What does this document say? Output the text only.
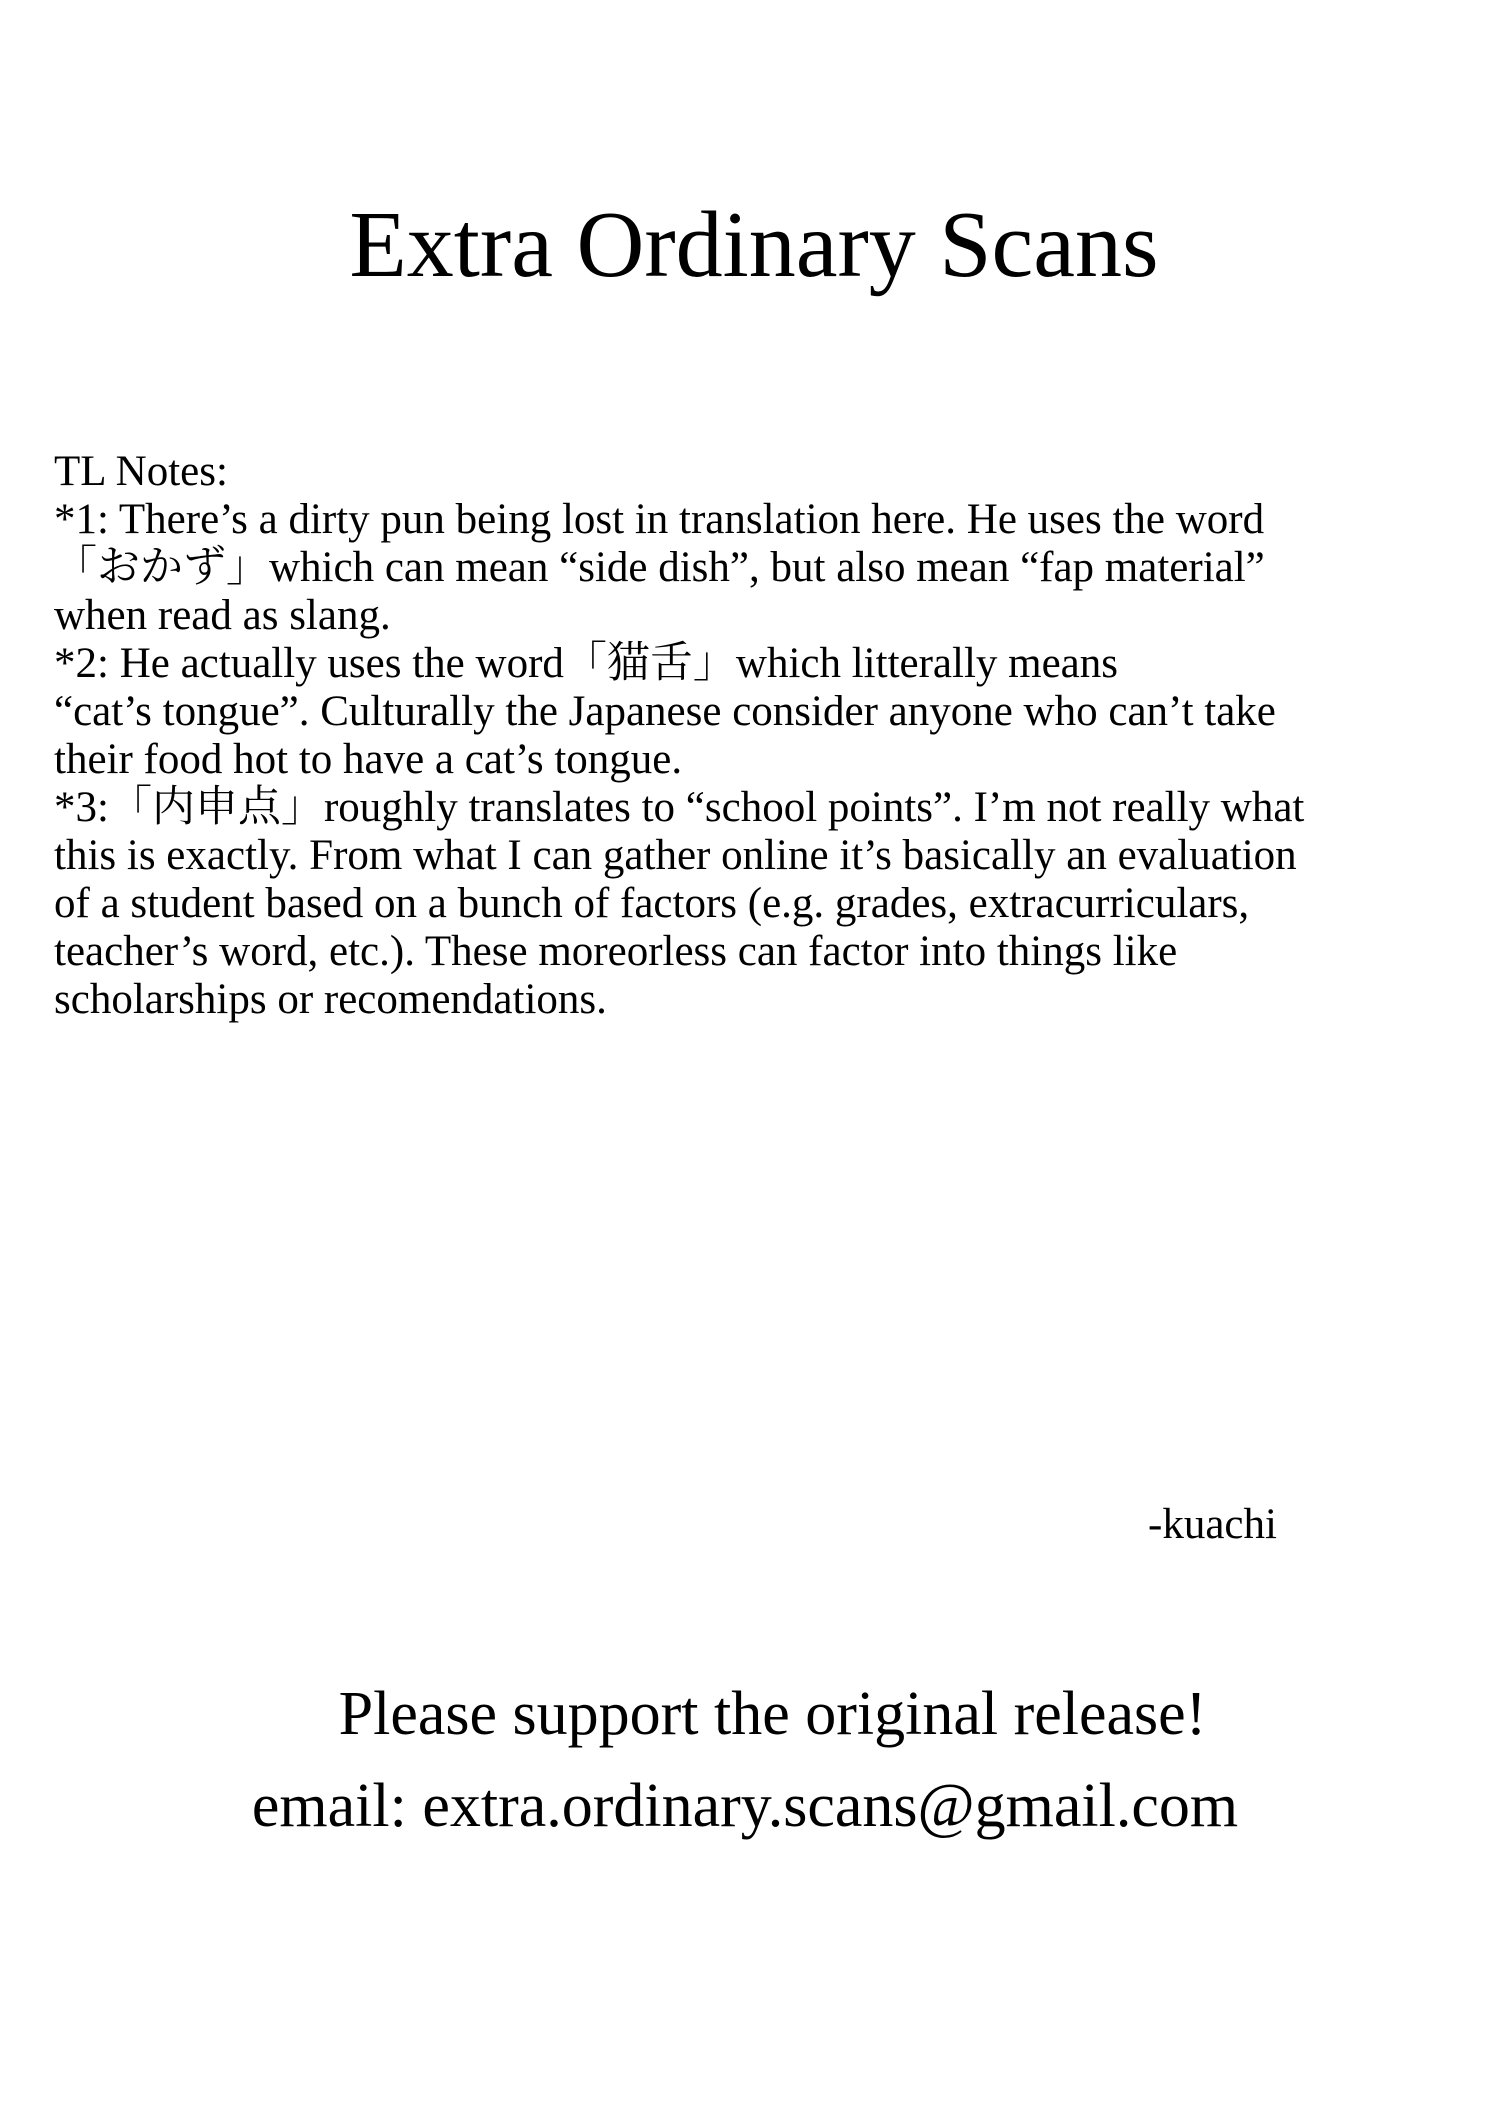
Extra Ordinary Scans
TL Notes:
*1: There’s a dirty pun being lost in translation here. He uses the word
「おかず」which can mean “side dish”, but also mean “fap material”
when read as slang.
*2: He actually uses the word「猫舌」which litterally means
“cat’s tongue”. Culturally the Japanese consider anyone who can’t take
their food hot to have a cat’s tongue.
*3:「内申点」roughly translates to “school points”. I’m not really what
this is exactly. From what I can gather online it’s basically an evaluation
of a student based on a bunch of factors (e.g. grades, extracurriculars,
teacher’s word, etc.). These moreorless can factor into things like
scholarships or recomendations.
-kuachi
Please support the original release!
email: extra.ordinary.scans@gmail.com
